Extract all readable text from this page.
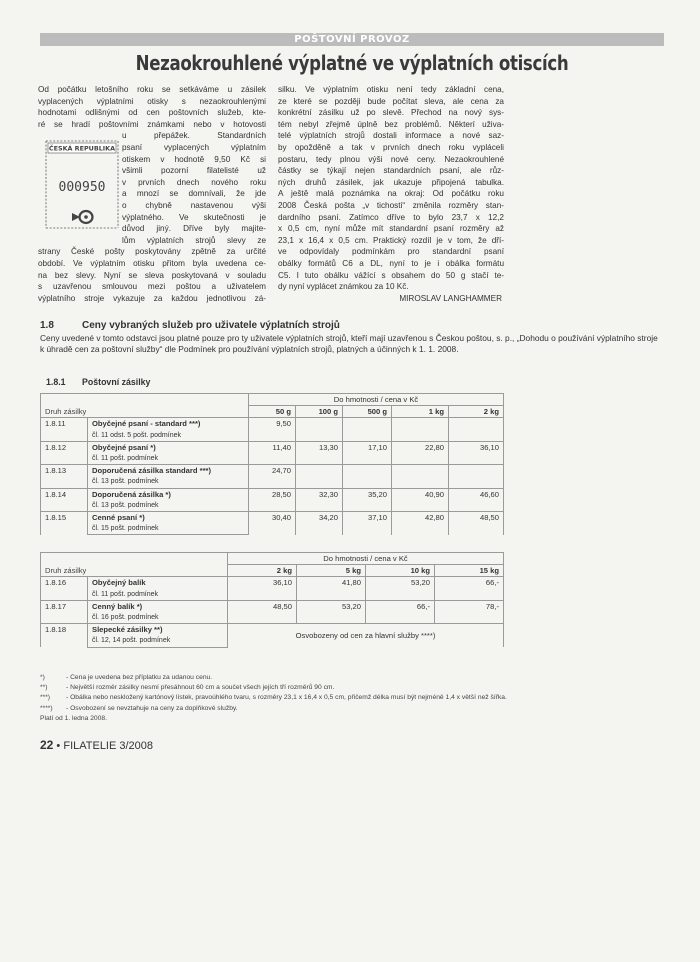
POŠTOVNÍ PROVOZ
Nezaokrouhlené výplatné ve výplatních otiscích
ČESKÁ REPUBLIKA
000950
Od počátku letošního roku se setkáváme u zásilek
vyplacených výplatními otisky s nezaokrouhlenými
hodnotami odlišnými od cen poštovních služeb, kte-
ré se hradí poštovními známkami nebo v hotovosti
u přepážek. Standardních
psaní vyplacených výplatním
otiskem v hodnotě 9,50 Kč si
všimli pozorní filatelisté už
v prvních dnech nového roku
a mnozí se domnívali, že jde
o chybně nastavenou výši
výplatného. Ve skutečnosti je
důvod jiný. Dříve byly majite-
lům výplatních strojů slevy ze
strany České pošty poskytovány zpětně za určité
období. Ve výplatním otisku přitom byla uvedena ce-
na bez slevy. Nyní se sleva poskytovaná v souladu
s uzavřenou smlouvou mezi poštou a uživatelem
výplatního stroje vykazuje za každou jednotlivou zá-
silku. Ve výplatním otisku není tedy základní cena,
ze které se později bude počítat sleva, ale cena za
konkrétní zásilku už po slevě. Přechod na nový sys-
tém nebyl zřejmě úplně bez problémů. Některí uživa-
telé výplatních strojů dostali informace a nové saz-
by opožděně a tak v prvních dnech roku vypláceli
postaru, tedy plnou výši nové ceny. Nezaokrouhlené
částky se týkají nejen standardních psaní, ale růz-
ných druhů zásilek, jak ukazuje připojená tabulka.
A ještě malá poznámka na okraj: Od počátku roku
2008 Česká pošta „v tichosti“ změnila rozměry stan-
dardního psaní. Zatímco dříve to bylo 23,7 x 12,2
x 0,5 cm, nyní může mít standardní psaní rozměry až
23,1 x 16,4 x 0,5 cm. Praktický rozdíl je v tom, že dří-
ve odpovídaly podmínkám pro standardní psaní
obálky formátů C6 a DL, nyní to je i obálka formátu
C5. I tuto obálku vážící s obsahem do 50 g stačí te-
dy nyní vyplácet známkou za 10 Kč.
MIROSLAV LANGHAMMER
1.8	Ceny vybraných služeb pro uživatele výplatních strojů
Ceny uvedené v tomto odstavci jsou platné pouze pro ty uživatele výplatních strojů, kteří mají uzavřenou s Českou poštou, s. p., „Dohodu o používání výplatního stroje k úhradě cen za poštovní služby“ dle Podmínek pro používání výplatních strojů, platných a účinných k 1. 1. 2008.
1.8.1 Poštovní zásilky
		Do hmotnosti / cena v Kč				
Druh zásilky		50 g	100 g	500 g	1 kg	2 kg
1.8.11	Obyčejné psaní - standard ***)	9,50				
	čl. 11 odst. 5 pošt. podmínek					
1.8.12	Obyčejné psaní *)	11,40	13,30	17,10	22,80	36,10
	čl. 11 pošt. podmínek					
1.8.13	Doporučená zásilka standard ***)	24,70				
	čl. 13 pošt. podmínek					
1.8.14	Doporučená zásilka *)	28,50	32,30	35,20	40,90	46,60
	čl. 13 pošt. podmínek					
1.8.15	Cenné psaní *)	30,40	34,20	37,10	42,80	48,50
	čl. 15 pošt. podmínek					
		Do hmotnosti / cena v Kč			
Druh zásilky		2 kg	5 kg	10 kg	15 kg
1.8.16	Obyčejný balík	36,10	41,80	53,20	66,-
	čl. 11 pošt. podmínek				
1.8.17	Cenný balík *)	48,50	53,20	66,-	78,-
	čl. 16 pošt. podmínek				
1.8.18	Slepecké zásilky **)	Osvobozeny od cen za hlavní služby ****)			
	čl. 12, 14 pošt. podmínek				
*)	- Cena je uvedena bez příplatku za udanou cenu.
**)	- Největší rozměr zásilky nesmí přesáhnout 60 cm a součet všech jejích tří rozměrů 90 cm.
***)	- Obálka nebo neskložený kartónový lístek, pravoúhlého tvaru, s rozměry 23,1 x 16,4 x 0,5 cm, přičemž délka musí být nejméně 1,4 x větší než šířka.
****)	- Osvobození se nevztahuje na ceny za doplňkové služby.
Platí od 1. ledna 2008.
22 • FILATELIE 3/2008
